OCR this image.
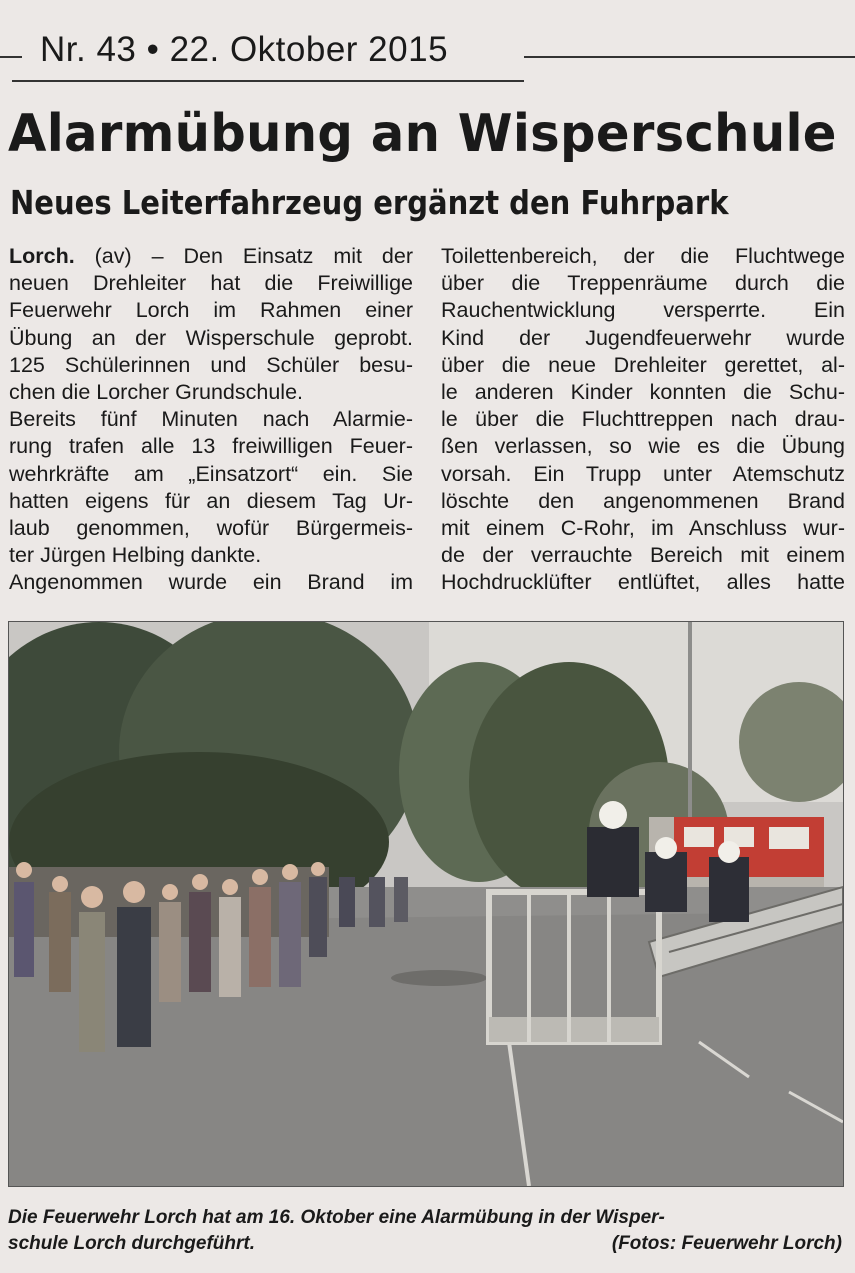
Nr. 43 • 22. Oktober 2015
Alarmübung an Wisperschule
Neues Leiterfahrzeug ergänzt den Fuhrpark
Lorch. (av) – Den Einsatz mit der
neuen Drehleiter hat die Freiwillige
Feuerwehr Lorch im Rahmen einer
Übung an der Wisperschule geprobt.
125 Schülerinnen und Schüler besu-
chen die Lorcher Grundschule.
Bereits fünf Minuten nach Alarmie-
rung trafen alle 13 freiwilligen Feuer-
wehrkräfte am „Einsatzort“ ein. Sie
hatten eigens für an diesem Tag Ur-
laub genommen, wofür Bürgermeis-
ter Jürgen Helbing dankte.
Angenommen wurde ein Brand im
Toilettenbereich, der die Fluchtwege
über die Treppenräume durch die
Rauchentwicklung versperrte. Ein
Kind der Jugendfeuerwehr wurde
über die neue Drehleiter gerettet, al-
le anderen Kinder konnten die Schu-
le über die Fluchttreppen nach drau-
ßen verlassen, so wie es die Übung
vorsah. Ein Trupp unter Atemschutz
löschte den angenommenen Brand
mit einem C-Rohr, im Anschluss wur-
de der verrauchte Bereich mit einem
Hochdrucklüfter entlüftet, alles hatte
Die Feuerwehr Lorch hat am 16. Oktober eine Alarmübung in der Wisper-
schule Lorch durchgeführt.	(Fotos: Feuerwehr Lorch)
